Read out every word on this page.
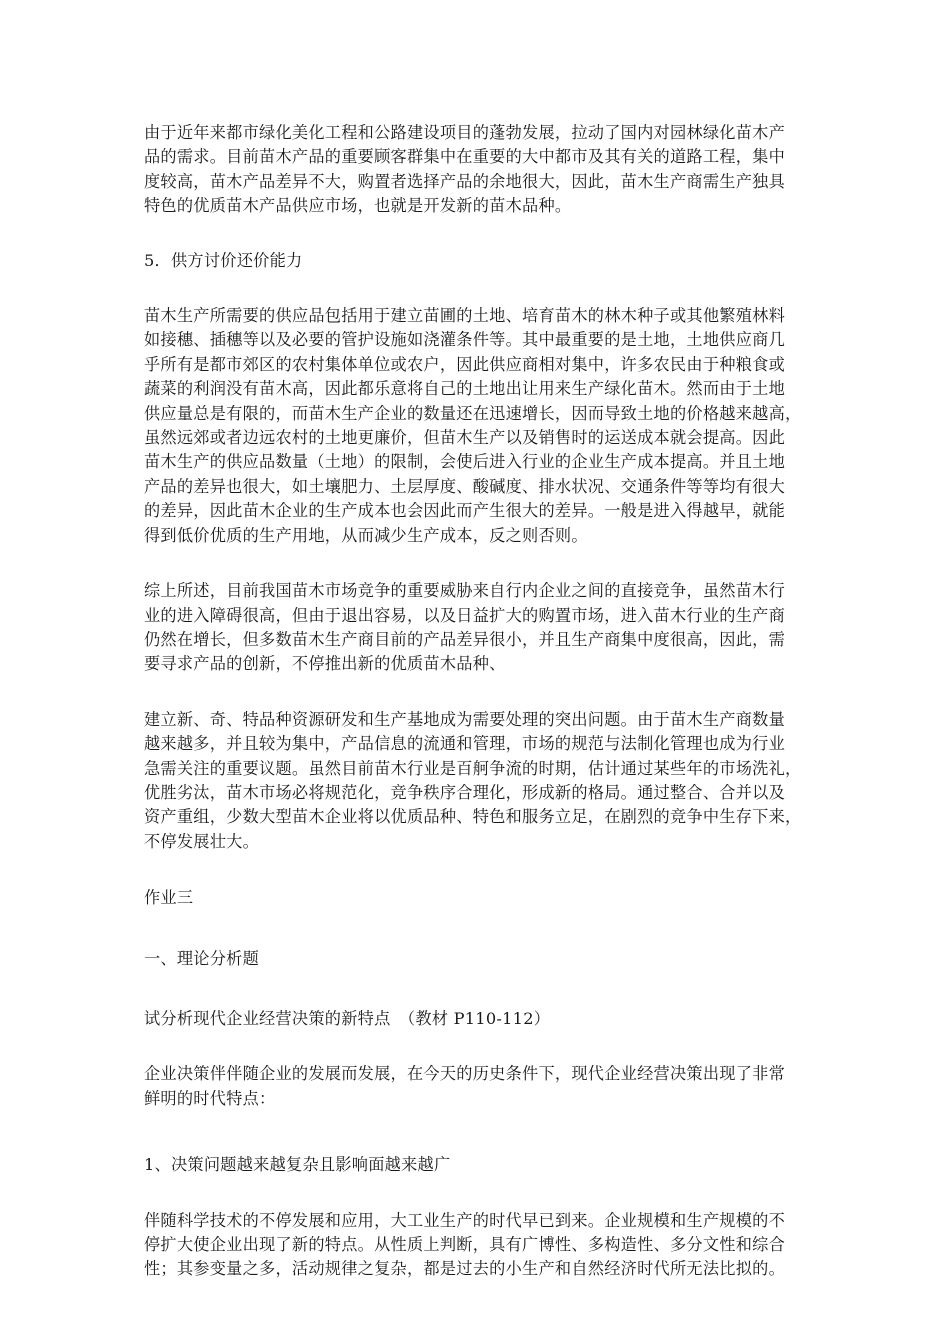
由于近年来都市绿化美化工程和公路建设项目的蓬勃发展，拉动了国内对园林绿化苗木产
品的需求。目前苗木产品的重要顾客群集中在重要的大中都市及其有关的道路工程，集中
度较高，苗木产品差异不大，购置者选择产品的余地很大，因此，苗木生产商需生产独具
特色的优质苗木产品供应市场，也就是开发新的苗木品种。
5．供方讨价还价能力
苗木生产所需要的供应品包括用于建立苗圃的土地、培育苗木的林木种子或其他繁殖林料
如接穗、插穗等以及必要的管护设施如浇灌条件等。其中最重要的是土地，土地供应商几
乎所有是都市郊区的农村集体单位或农户，因此供应商相对集中，许多农民由于种粮食或
蔬菜的利润没有苗木高，因此都乐意将自己的土地出让用来生产绿化苗木。然而由于土地
供应量总是有限的，而苗木生产企业的数量还在迅速增长，因而导致土地的价格越来越高，
虽然远郊或者边远农村的土地更廉价，但苗木生产以及销售时的运送成本就会提高。因此
苗木生产的供应品数量（土地）的限制，会使后进入行业的企业生产成本提高。并且土地
产品的差异也很大，如土壤肥力、土层厚度、酸碱度、排水状况、交通条件等等均有很大
的差异，因此苗木企业的生产成本也会因此而产生很大的差异。一般是进入得越早，就能
得到低价优质的生产用地，从而减少生产成本，反之则否则。
综上所述，目前我国苗木市场竞争的重要威胁来自行内企业之间的直接竞争，虽然苗木行
业的进入障碍很高，但由于退出容易，以及日益扩大的购置市场，进入苗木行业的生产商
仍然在增长，但多数苗木生产商目前的产品差异很小，并且生产商集中度很高，因此，需
要寻求产品的创新，不停推出新的优质苗木品种、
建立新、奇、特品种资源研发和生产基地成为需要处理的突出问题。由于苗木生产商数量
越来越多，并且较为集中，产品信息的流通和管理，市场的规范与法制化管理也成为行业
急需关注的重要议题。虽然目前苗木行业是百舸争流的时期，估计通过某些年的市场洗礼，
优胜劣汰，苗木市场必将规范化，竞争秩序合理化，形成新的格局。通过整合、合并以及
资产重组，少数大型苗木企业将以优质品种、特色和服务立足，在剧烈的竞争中生存下来，
不停发展壮大。
作业三
一、理论分析题
试分析现代企业经营决策的新特点　（教材 P110-112）
企业决策伴伴随企业的发展而发展，在今天的历史条件下，现代企业经营决策出现了非常
鲜明的时代特点：
1、决策问题越来越复杂且影响面越来越广
伴随科学技术的不停发展和应用，大工业生产的时代早已到来。企业规模和生产规模的不
停扩大使企业出现了新的特点。从性质上判断，具有广博性、多构造性、多分文性和综合
性；其参变量之多，活动规律之复杂，都是过去的小生产和自然经济时代所无法比拟的。
